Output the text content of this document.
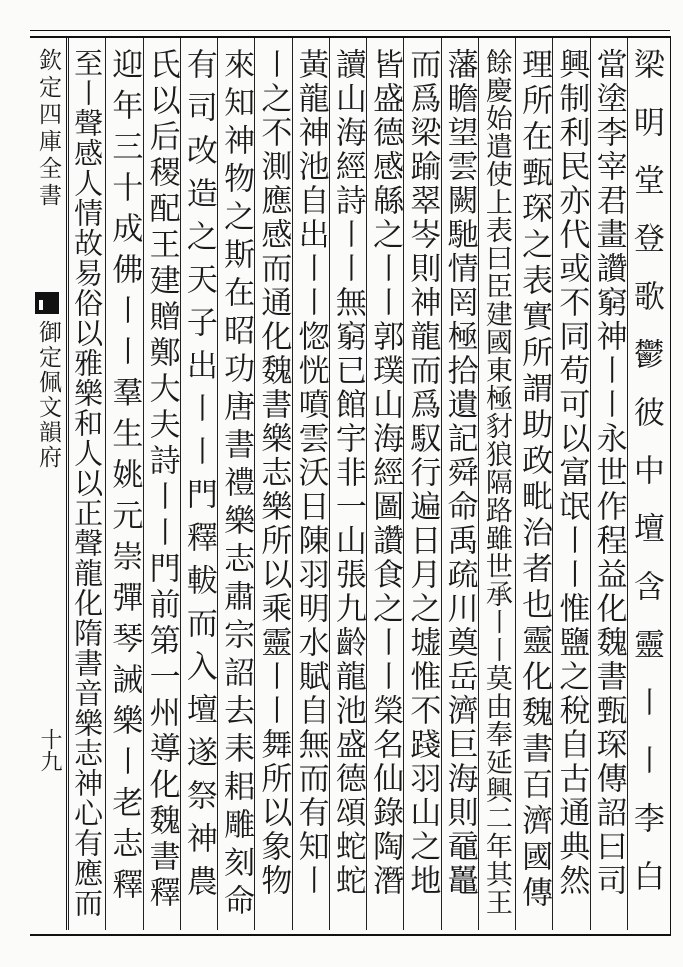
欽定四庫全書
御定佩文韻府
十九	梁明堂登歌鬱彼中壇含靈〡〡李白
當塗李宰君畫讚窮神〡〡永世作程益化魏書甄琛傳詔曰司
興制利民亦代或不同苟可以富氓〡〡惟鹽之稅自古通典然
理所在甄琛之表實所謂助政毗治者也靈化魏書百濟國傳
餘慶始遣使上表曰臣建國東極豺狼隔路雖世承〡〡莫由奉延興二年其王
藩瞻望雲闕馳情罔極拾遺記舜命禹疏川奠岳濟巨海則黿鼉
而爲梁踰翠岑則神龍而爲馭行遍日月之墟惟不踐羽山之地
皆盛德感緜之〡〡郭璞山海經圖讚食之〡〡榮名仙錄陶潛
讀山海經詩〡〡無窮已館宇非一山張九齡龍池盛德頌蛇蛇
黃龍神池自出〡〡惚恍噴雲沃日陳羽明水賦自無而有知〡
〡之不測應感而通化魏書樂志樂所以乘靈〡〡舞所以象物
來知神物之斯在昭功唐書禮樂志肅宗詔去耒耜雕刻命
有司改造之天子出〡〡門釋軷而入壇遂祭神農
氏以后稷配王建贈鄭大夫詩〡〡門前第一州導化魏書釋
迎年三十成佛〡〡羣生姚元崇彈琴誡樂〡老志釋
至〡聲感人情故易俗以雅樂和人以正聲龍化隋書音樂志神心有應而
